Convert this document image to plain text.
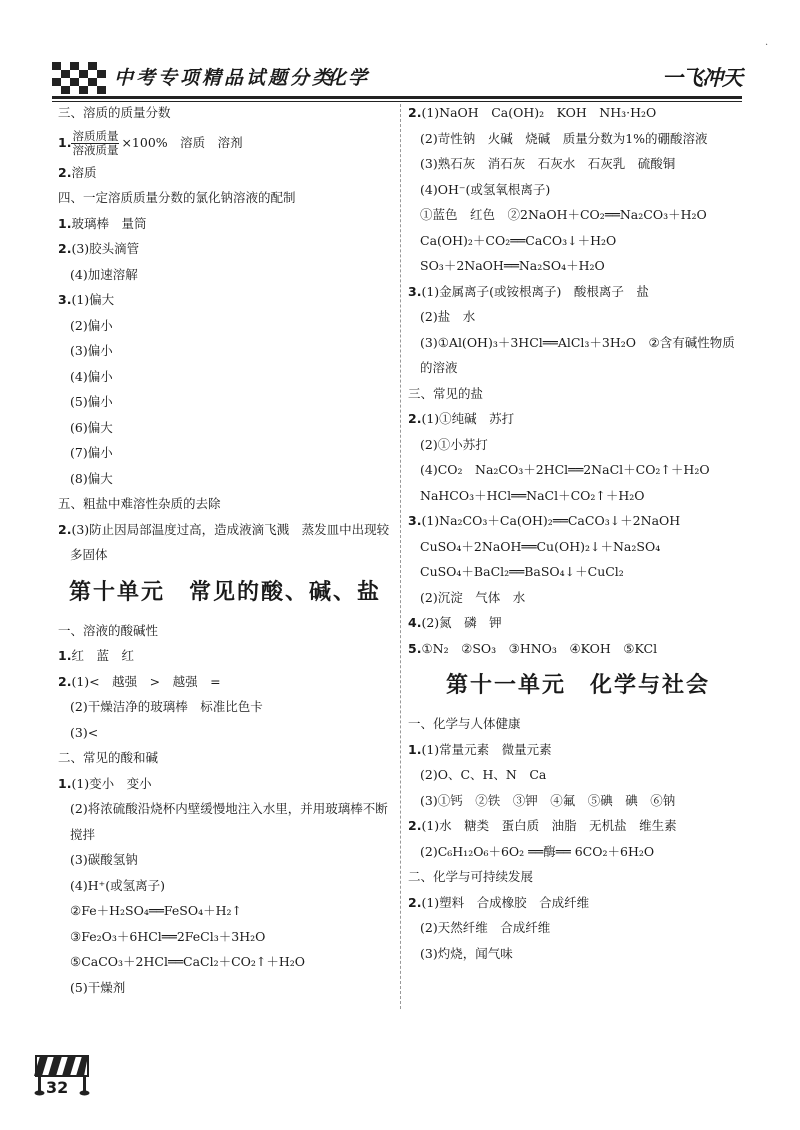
中考专项精品试题分类
化学	一飞冲天
·
三、溶质的质量分数
1. $\frac{\text{溶质质量}}{\text{溶液质量}} \times 100\%$　溶质　溶剂
2.溶质
四、一定溶质质量分数的氯化钠溶液的配制
1.玻璃棒　量筒
2.(3)胶头滴管
(4)加速溶解
3.(1)偏大
(2)偏小
(3)偏小
(4)偏小
(5)偏小
(6)偏大
(7)偏小
(8)偏大
五、粗盐中难溶性杂质的去除
2.(3)防止因局部温度过高，造成液滴飞溅　蒸发皿中出现较
多固体
第十单元　常见的酸、碱、盐
一、溶液的酸碱性
1.红　蓝　红
2.(1)<　越强　>　越强　=
(2)干燥洁净的玻璃棒　标准比色卡
(3)<
二、常见的酸和碱
1.(1)变小　变小
(2)将浓硫酸沿烧杯内壁缓慢地注入水里，并用玻璃棒不断
搅拌
(3)碳酸氢钠
(4)H⁺(或氢离子)
②Fe＋H₂SO₄══FeSO₄＋H₂↑
③Fe₂O₃＋6HCl══2FeCl₃＋3H₂O
⑤CaCO₃＋2HCl══CaCl₂＋CO₂↑＋H₂O
(5)干燥剂
2.(1)NaOH　Ca(OH)₂　KOH　NH₃·H₂O
(2)苛性钠　火碱　烧碱　质量分数为1%的硼酸溶液
(3)熟石灰　消石灰　石灰水　石灰乳　硫酸铜
(4)OH⁻(或氢氧根离子)
①蓝色　红色　②2NaOH＋CO₂══Na₂CO₃＋H₂O
Ca(OH)₂＋CO₂══CaCO₃↓＋H₂O
SO₃＋2NaOH══Na₂SO₄＋H₂O
3.(1)金属离子(或铵根离子)　酸根离子　盐
(2)盐　水
(3)①Al(OH)₃＋3HCl══AlCl₃＋3H₂O　②含有碱性物质
的溶液
三、常见的盐
2.(1)①纯碱　苏打
(2)①小苏打
(4)CO₂　Na₂CO₃＋2HCl══2NaCl＋CO₂↑＋H₂O
NaHCO₃＋HCl══NaCl＋CO₂↑＋H₂O
3.(1)Na₂CO₃＋Ca(OH)₂══CaCO₃↓＋2NaOH
CuSO₄＋2NaOH══Cu(OH)₂↓＋Na₂SO₄
CuSO₄＋BaCl₂══BaSO₄↓＋CuCl₂
(2)沉淀　气体　水
4.(2)氮　磷　钾
5.①N₂　②SO₃　③HNO₃　④KOH　⑤KCl
第十一单元　化学与社会
一、化学与人体健康
1.(1)常量元素　微量元素
(2)O、C、H、N　Ca
(3)①钙　②铁　③钾　④氟　⑤碘　碘　⑥钠
2.(1)水　糖类　蛋白质　油脂　无机盐　维生素
(2)C₆H₁₂O₆＋6O₂ ══酶══ 6CO₂＋6H₂O
二、化学与可持续发展
2.(1)塑料　合成橡胶　合成纤维
(2)天然纤维　合成纤维
(3)灼烧，闻气味
32
